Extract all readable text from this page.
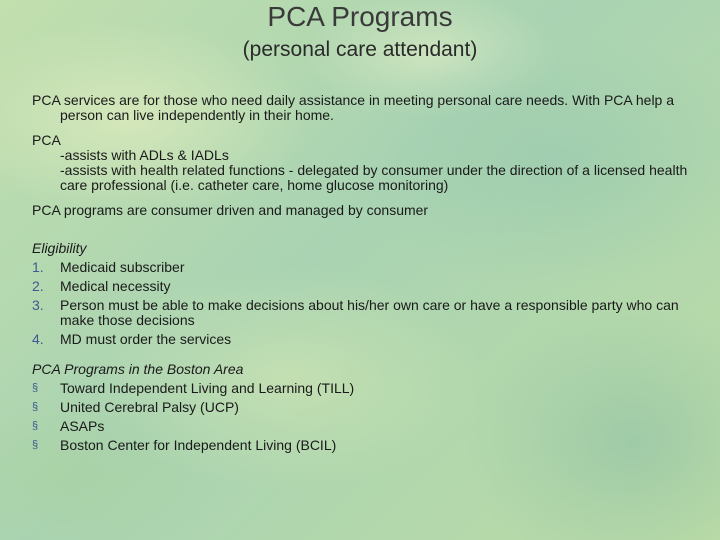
PCA Programs
(personal care attendant)

PCA services are for those who need daily assistance in meeting personal care needs. With PCA help a person can live independently in their home.

PCA
-assists with ADLs & IADLs
-assists with health related functions - delegated by consumer under the direction of a licensed health care professional (i.e. catheter care, home glucose monitoring)

PCA programs are consumer driven and managed by consumer

Eligibility
1.	Medicaid subscriber
2.	Medical necessity
3.	Person must be able to make decisions about his/her own care or have a responsible party who can make those decisions
4.	MD must order the services
PCA Programs in the Boston Area
§	Toward Independent Living and Learning (TILL)
§	United Cerebral Palsy (UCP)
§	ASAPs
§	Boston Center for Independent Living (BCIL)
